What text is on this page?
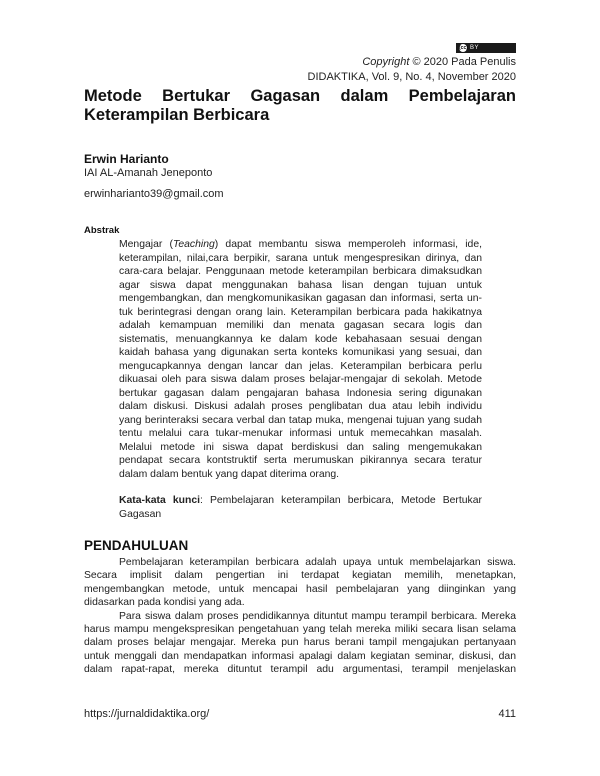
(cc) BY
Copyright © 2020 Pada Penulis
DIDAKTIKA, Vol. 9, No. 4, November 2020
Metode Bertukar Gagasan dalam Pembelajaran
Keterampilan Berbicara
Erwin Harianto
IAI AL-Amanah Jeneponto
erwinharianto39@gmail.com
Abstrak
Mengajar (Teaching) dapat membantu siswa memperoleh informasi, ide,
keterampilan, nilai,cara berpikir, sarana untuk mengespresikan dirinya, dan
cara-cara belajar. Penggunaan metode keterampilan berbicara dimaksudkan
agar siswa dapat menggunakan bahasa lisan dengan tujuan untuk
mengembangkan, dan mengkomunikasikan gagasan dan informasi, serta un-
tuk berintegrasi dengan orang lain. Keterampilan berbicara pada hakikatnya
adalah kemampuan memiliki dan menata gagasan secara logis dan
sistematis, menuangkannya ke dalam kode kebahasaan sesuai dengan
kaidah bahasa yang digunakan serta konteks komunikasi yang sesuai, dan
mengucapkannya dengan lancar dan jelas. Keterampilan berbicara perlu
dikuasai oleh para siswa dalam proses belajar-mengajar di sekolah. Metode
bertukar gagasan dalam pengajaran bahasa Indonesia sering digunakan
dalam diskusi. Diskusi adalah proses penglibatan dua atau lebih individu
yang berinteraksi secara verbal dan tatap muka, mengenai tujuan yang sudah
tentu melalui cara tukar-menukar informasi untuk memecahkan masalah.
Melalui metode ini siswa dapat berdiskusi dan saling mengemukakan
pendapat secara kontstruktif serta merumuskan pikirannya secara teratur
dalam dalam bentuk yang dapat diterima orang.
Kata-kata kunci: Pembelajaran keterampilan berbicara, Metode Bertukar
Gagasan
PENDAHULUAN
Pembelajaran keterampilan berbicara adalah upaya untuk membelajarkan siswa.
Secara implisit dalam pengertian ini terdapat kegiatan memilih, menetapkan,
mengembangkan metode, untuk mencapai hasil pembelajaran yang diinginkan yang
didasarkan pada kondisi yang ada.
Para siswa dalam proses pendidikannya dituntut mampu terampil berbicara. Mereka
harus mampu mengekspresikan pengetahuan yang telah mereka miliki secara lisan selama
dalam proses belajar mengajar. Mereka pun harus berani tampil mengajukan pertanyaan
untuk menggali dan mendapatkan informasi apalagi dalam kegiatan seminar, diskusi, dan
dalam rapat-rapat, mereka dituntut terampil adu argumentasi, terampil menjelaskan
https://jurnaldidaktika.org/	411
